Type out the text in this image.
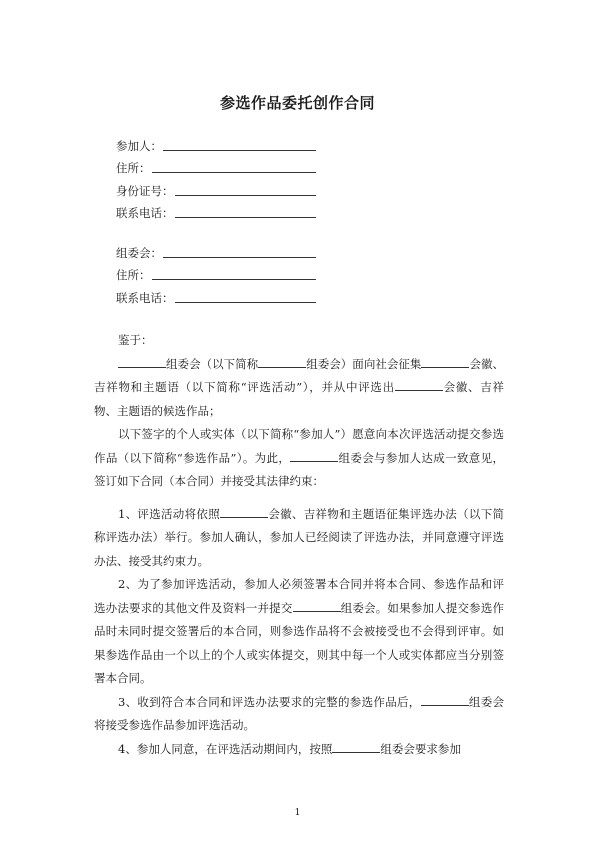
参选作品委托创作合同
参加人：
住所：
身份证号：
联系电话：
组委会：
住所：
联系电话：

鉴于：

组委会（以下简称	组委会）面向社会征集	会徽、吉祥物和主题语（以下简称“评选活动”），并从中评选出	会徽、吉祥物、主题语的候选作品；

以下签字的个人或实体（以下简称“参加人”）愿意向本次评选活动提交参选作品（以下简称“参选作品”）。为此，	组委会与参加人达成一致意见，签订如下合同（本合同）并接受其法律约束：

1、评选活动将依照	会徽、吉祥物和主题语征集评选办法（以下简称评选办法）举行。参加人确认，参加人已经阅读了评选办法，并同意遵守评选办法、接受其约束力。

2、为了参加评选活动，参加人必须签署本合同并将本合同、参选作品和评选办法要求的其他文件及资料一并提交	组委会。如果参加人提交参选作品时未同时提交签署后的本合同，则参选作品将不会被接受也不会得到评审。如果参选作品由一个以上的个人或实体提交，则其中每一个人或实体都应当分别签署本合同。

3、收到符合本合同和评选办法要求的完整的参选作品后，	组委会将接受参选作品参加评选活动。

4、参加人同意，在评选活动期间内，按照	组委会要求参加

1
